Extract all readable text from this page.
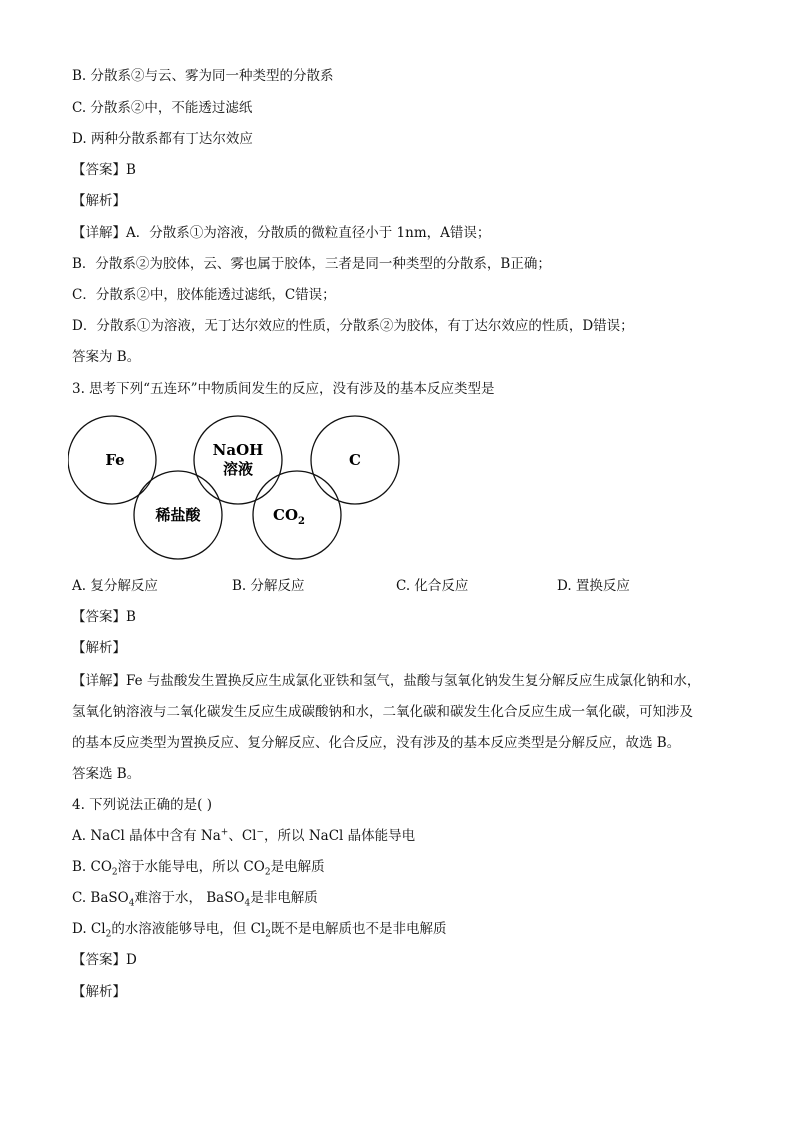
B. 分散系②与云、雾为同一种类型的分散系
C. 分散系②中，不能透过滤纸
D. 两种分散系都有丁达尔效应
【答案】B
【解析】
【详解】A．分散系①为溶液，分散质的微粒直径小于 1nm，A错误；
B．分散系②为胶体，云、雾也属于胶体，三者是同一种类型的分散系，B正确；
C．分散系②中，胶体能透过滤纸，C错误；
D．分散系①为溶液，无丁达尔效应的性质，分散系②为胶体，有丁达尔效应的性质，D错误；
答案为 B。
3. 思考下列“五连环”中物质间发生的反应，没有涉及的基本反应类型是
Fe
NaOH
溶液	C
稀盐酸	$CO_2$
A. 复分解反应	B. 分解反应	C. 化合反应	D. 置换反应
【答案】B
【解析】
【详解】Fe 与盐酸发生置换反应生成氯化亚铁和氢气，盐酸与氢氧化钠发生复分解反应生成氯化钠和水，
氢氧化钠溶液与二氧化碳发生反应生成碳酸钠和水，二氧化碳和碳发生化合反应生成一氧化碳，可知涉及
的基本反应类型为置换反应、复分解反应、化合反应，没有涉及的基本反应类型是分解反应，故选 B。
答案选 B。
4. 下列说法正确的是( )
A. NaCl 晶体中含有 Na+、Cl−，所以 NaCl 晶体能导电
B. $CO_2$溶于水能导电，所以 $CO_2$是电解质
C. BaSO$_4$难溶于水， BaSO$_4$是非电解质
D. $Cl_2$的水溶液能够导电，但 $Cl_2$既不是电解质也不是非电解质
【答案】D
【解析】
